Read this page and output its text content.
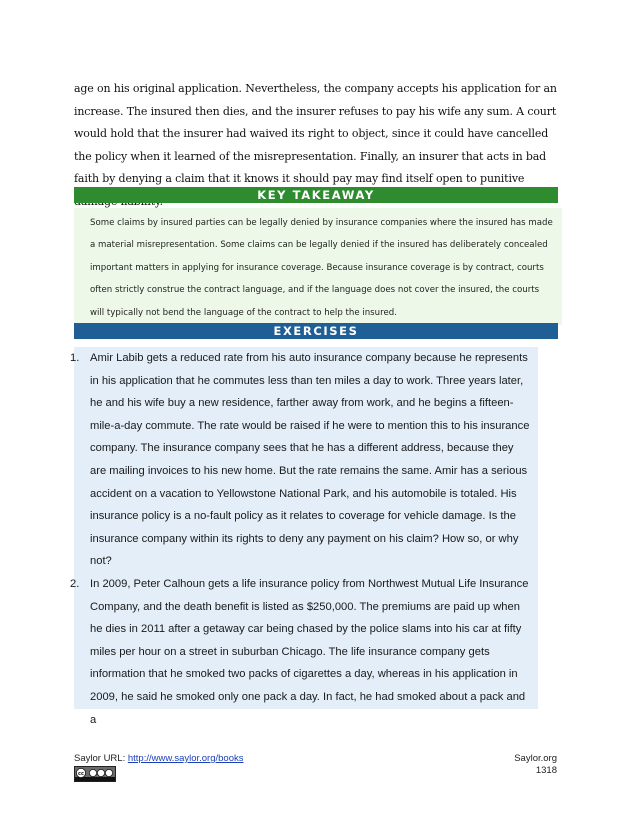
age on his original application. Nevertheless, the company accepts his application for an increase. The insured then dies, and the insurer refuses to pay his wife any sum. A court would hold that the insurer had waived its right to object, since it could have cancelled the policy when it learned of the misrepresentation. Finally, an insurer that acts in bad faith by denying a claim that it knows it should pay may find itself open to punitive
KEY TAKEAWAY
Some claims by insured parties can be legally denied by insurance companies where the insured has made a material misrepresentation. Some claims can be legally denied if the insured has deliberately concealed important matters in applying for insurance coverage. Because insurance coverage is by contract, courts often strictly construe the contract language, and if the language does not cover the insured, the courts will typically not bend the language of the contract to help the insured.
EXERCISES
1. Amir Labib gets a reduced rate from his auto insurance company because he represents in his application that he commutes less than ten miles a day to work. Three years later, he and his wife buy a new residence, farther away from work, and he begins a fifteen-mile-a-day commute. The rate would be raised if he were to mention this to his insurance company. The insurance company sees that he has a different address, because they are mailing invoices to his new home. But the rate remains the same. Amir has a serious accident on a vacation to Yellowstone National Park, and his automobile is totaled. His insurance policy is a no-fault policy as it relates to coverage for vehicle damage. Is the insurance company within its rights to deny any payment on his claim? How so, or why not?
2. In 2009, Peter Calhoun gets a life insurance policy from Northwest Mutual Life Insurance Company, and the death benefit is listed as $250,000. The premiums are paid up when he dies in 2011 after a getaway car being chased by the police slams into his car at fifty miles per hour on a street in suburban Chicago. The life insurance company gets information that he smoked two packs of cigarettes a day, whereas in his application in 2009, he said he smoked only one pack a day. In fact, he had smoked about a pack and a
Saylor URL: http://www.saylor.org/books
cc
Saylor.org
1318
